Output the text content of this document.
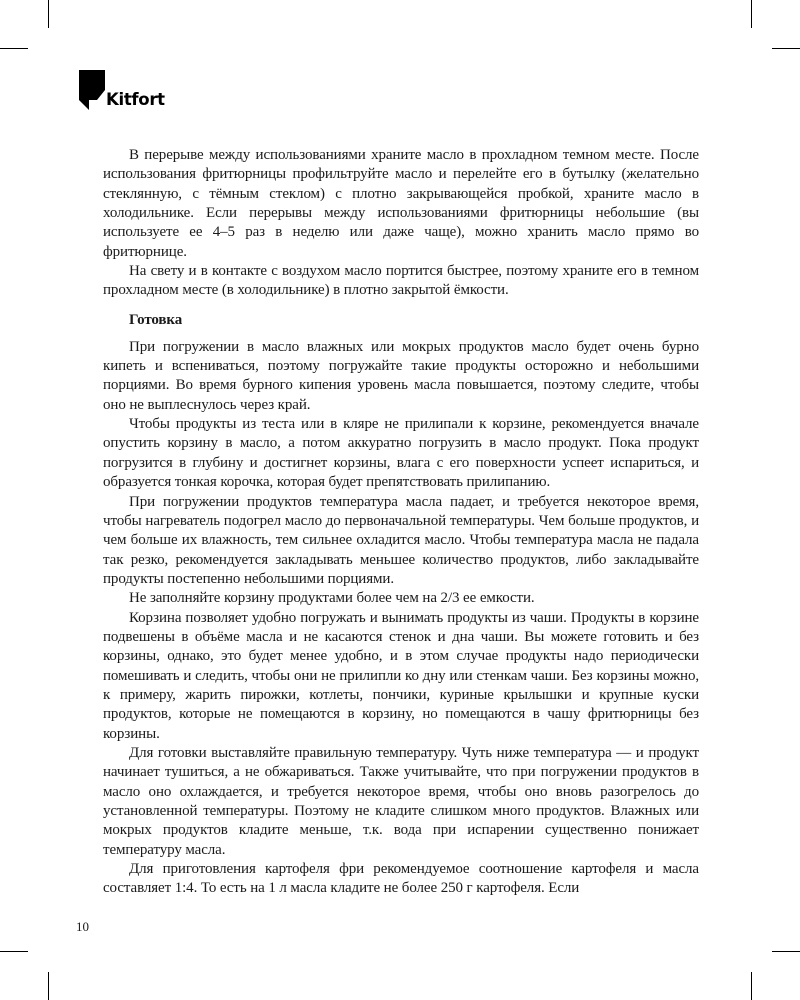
Kitfort

В перерыве между использованиями храните масло в прохладном темном месте. После использования фритюрницы профильтруйте масло и перелейте его в бутылку (желательно стеклянную, с тёмным стеклом) с плотно закрывающейся пробкой, храните масло в холодильнике. Если перерывы между использованиями фритюрницы небольшие (вы используете ее 4–5 раз в неделю или даже чаще), можно хранить масло прямо во фритюрнице.

На свету и в контакте с воздухом масло портится быстрее, поэтому храните его в темном прохладном месте (в холодильнике) в плотно закрытой ёмкости.

Готовка

При погружении в масло влажных или мокрых продуктов масло будет очень бурно кипеть и вспениваться, поэтому погружайте такие продукты осторожно и небольшими порциями. Во время бурного кипения уровень масла повышается, поэтому следите, чтобы оно не выплеснулось через край.

Чтобы продукты из теста или в кляре не прилипали к корзине, рекомендуется вначале опустить корзину в масло, а потом аккуратно погрузить в масло продукт. Пока продукт погрузится в глубину и достигнет корзины, влага с его поверхности успеет испариться, и образуется тонкая корочка, которая будет препятствовать прилипанию.

При погружении продуктов температура масла падает, и требуется некоторое время, чтобы нагреватель подогрел масло до первоначальной температуры. Чем больше продуктов, и чем больше их влажность, тем сильнее охладится масло. Чтобы температура масла не падала так резко, рекомендуется закладывать меньшее количество продуктов, либо закладывайте продукты постепенно небольшими порциями.

Не заполняйте корзину продуктами более чем на 2/3 ее емкости.

Корзина позволяет удобно погружать и вынимать продукты из чаши. Продукты в корзине подвешены в объёме масла и не касаются стенок и дна чаши. Вы можете готовить и без корзины, однако, это будет менее удобно, и в этом случае продукты надо периодически помешивать и следить, чтобы они не прилипли ко дну или стенкам чаши. Без корзины можно, к примеру, жарить пирожки, котлеты, пончики, куриные крылышки и крупные куски продуктов, которые не помещаются в корзину, но помещаются в чашу фритюрницы без корзины.

Для готовки выставляйте правильную температуру. Чуть ниже температура — и продукт начинает тушиться, а не обжариваться. Также учитывайте, что при погружении продуктов в масло оно охлаждается, и требуется некоторое время, чтобы оно вновь разогрелось до установленной температуры. Поэтому не кладите слишком много продуктов. Влажных или мокрых продуктов кладите меньше, т.к. вода при испарении существенно понижает температуру масла.

Для приготовления картофеля фри рекомендуемое соотношение картофеля и масла составляет 1:4. То есть на 1 л масла кладите не более 250 г картофеля. Если

10
